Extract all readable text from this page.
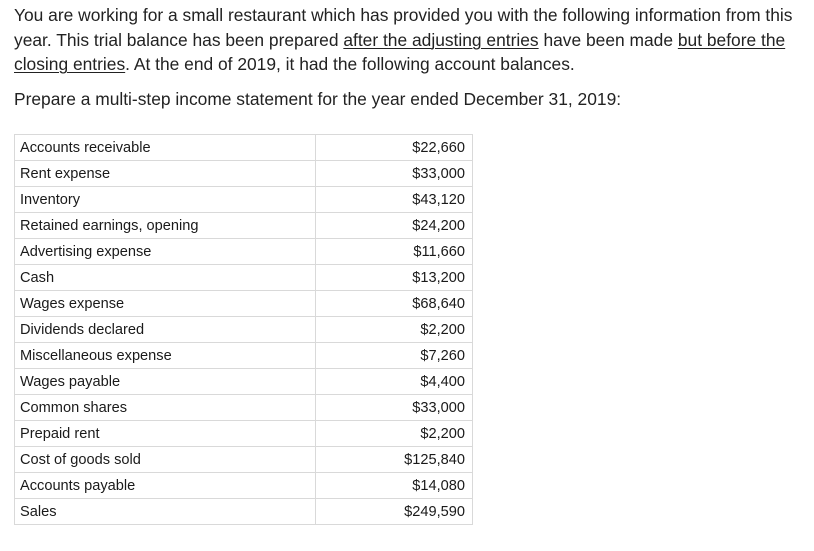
You are working for a small restaurant which has provided you with the following information from this year. This trial balance has been prepared after the adjusting entries have been made but before the closing entries. At the end of 2019, it had the following account balances.

Prepare a multi-step income statement for the year ended December 31, 2019:

Accounts receivable	$22,660
Rent expense	$33,000
Inventory	$43,120
Retained earnings, opening	$24,200
Advertising expense	$11,660
Cash	$13,200
Wages expense	$68,640
Dividends declared	$2,200
Miscellaneous expense	$7,260
Wages payable	$4,400
Common shares	$33,000
Prepaid rent	$2,200
Cost of goods sold	$125,840
Accounts payable	$14,080
Sales	$249,590
